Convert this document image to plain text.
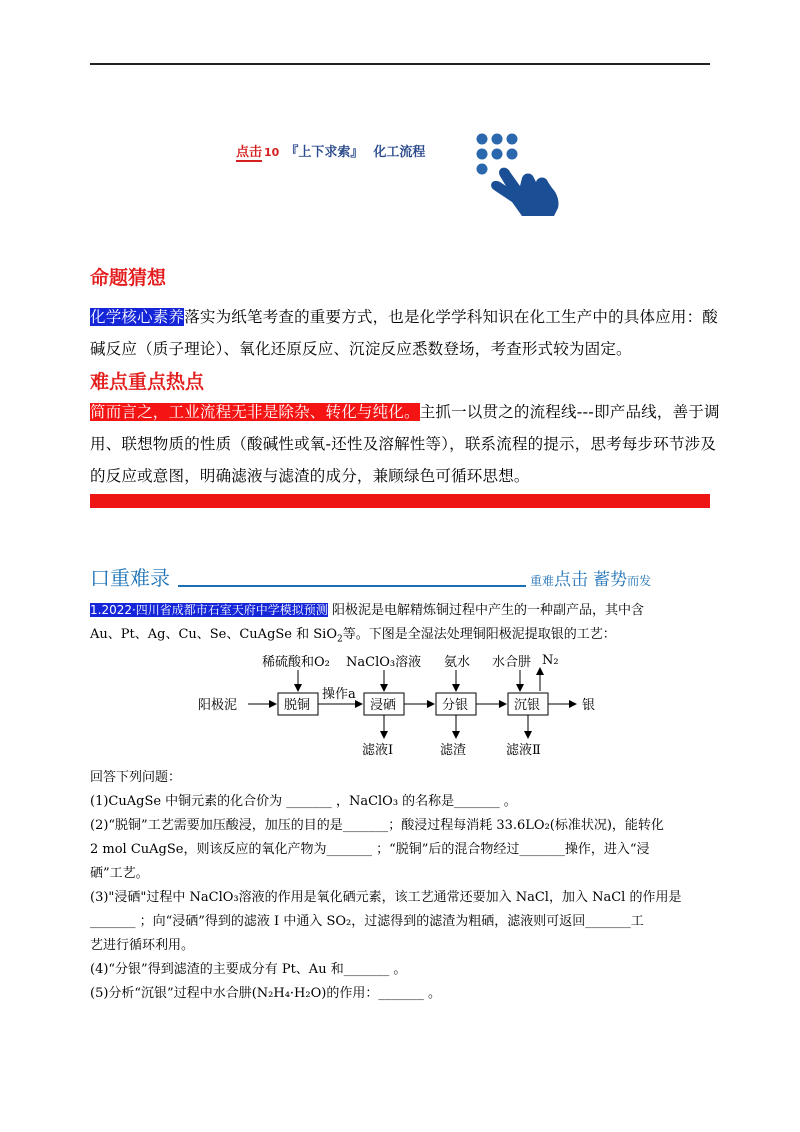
点击 10 『上下求索』 化工流程
命题猜想
化学核心素养落实为纸笔考查的重要方式，也是化学学科知识在化工生产中的具体应用：酸碱反应（质子理论）、氧化还原反应、沉淀反应悉数登场，考查形式较为固定。
难点重点热点
简而言之，工业流程无非是除杂、转化与纯化。主抓一以贯之的流程线---即产品线，善于调用、联想物质的性质（酸碱性或氧-还性及溶解性等），联系流程的提示，思考每步环节涉及的反应或意图，明确滤液与滤渣的成分，兼顾绿色可循环思想。
口重难录	重难点击 蓄势而发
1.2022·四川省成都市石室天府中学模拟预测 阳极泥是电解精炼铜过程中产生的一种副产品，其中含
Au、Pt、Ag、Cu、Se、CuAgSe 和 SiO$_2$等。下图是全湿法处理铜阳极泥提取银的工艺：
阳极泥	脱铜
操作a
浸硒	分银	沉银	银
稀硫酸和O₂ NaClO₃溶液 氨水 水合肼 N₂
滤液Ⅰ	滤渣	滤液Ⅱ
回答下列问题：
(1)CuAgSe 中铜元素的化合价为 _______ ，NaClO₃ 的名称是_______ 。
(2)“脱铜”工艺需要加压酸浸，加压的目的是_______；酸浸过程每消耗 33.6LO₂(标准状况)，能转化
2 mol CuAgSe，则该反应的氧化产物为_______ ；“脱铜”后的混合物经过_______操作，进入“浸
硒”工艺。
(3)"浸硒"过程中 NaClO₃溶液的作用是氧化硒元素，该工艺通常还要加入 NaCl，加入 NaCl 的作用是
_______ ；向“浸硒”得到的滤液 I 中通入 SO₂，过滤得到的滤渣为粗硒，滤液则可返回_______工
艺进行循环利用。
(4)“分银”得到滤渣的主要成分有 Pt、Au 和_______ 。
(5)分析“沉银”过程中水合肼(N₂H₄·H₂O)的作用：_______ 。
